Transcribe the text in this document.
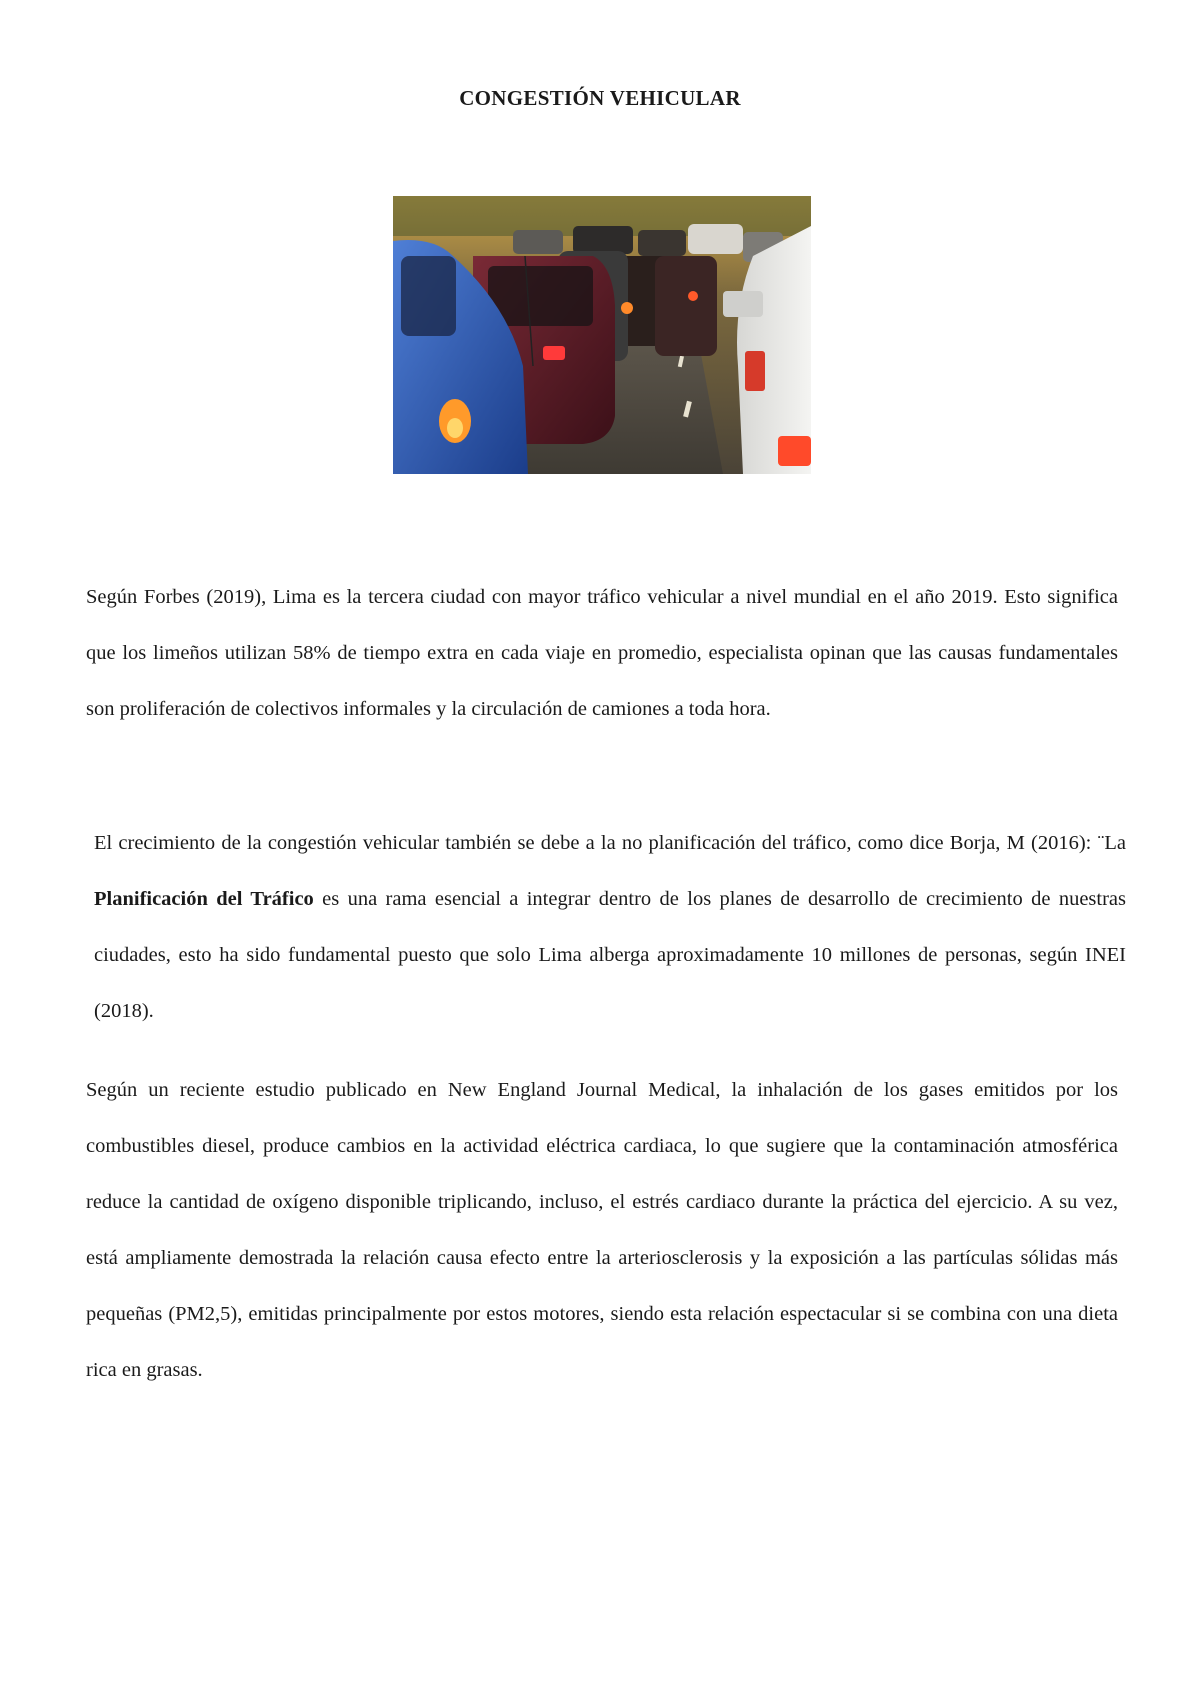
CONGESTIÓN VEHICULAR

Según Forbes (2019), Lima es la tercera ciudad con mayor tráfico vehicular a nivel mundial en el año 2019. Esto significa que los limeños utilizan 58% de tiempo extra en cada viaje en promedio, especialista opinan que las causas fundamentales son proliferación de colectivos informales y la circulación de camiones a toda hora.

El crecimiento de la congestión vehicular también se debe a la no planificación del tráfico, como dice Borja, M (2016): ¨La Planificación del Tráfico es una rama esencial a integrar dentro de los planes de desarrollo de crecimiento de nuestras ciudades, esto ha sido fundamental puesto que solo Lima alberga aproximadamente 10 millones de personas, según INEI (2018).

Según un reciente estudio publicado en New England Journal Medical, la inhalación de los gases emitidos por los combustibles diesel, produce cambios en la actividad eléctrica cardiaca, lo que sugiere que la contaminación atmosférica reduce la cantidad de oxígeno disponible triplicando, incluso, el estrés cardiaco durante la práctica del ejercicio. A su vez, está ampliamente demostrada la relación causa efecto entre la arteriosclerosis y la exposición a las partículas sólidas más pequeñas (PM2,5), emitidas principalmente por estos motores, siendo esta relación espectacular si se combina con una dieta rica en grasas.
